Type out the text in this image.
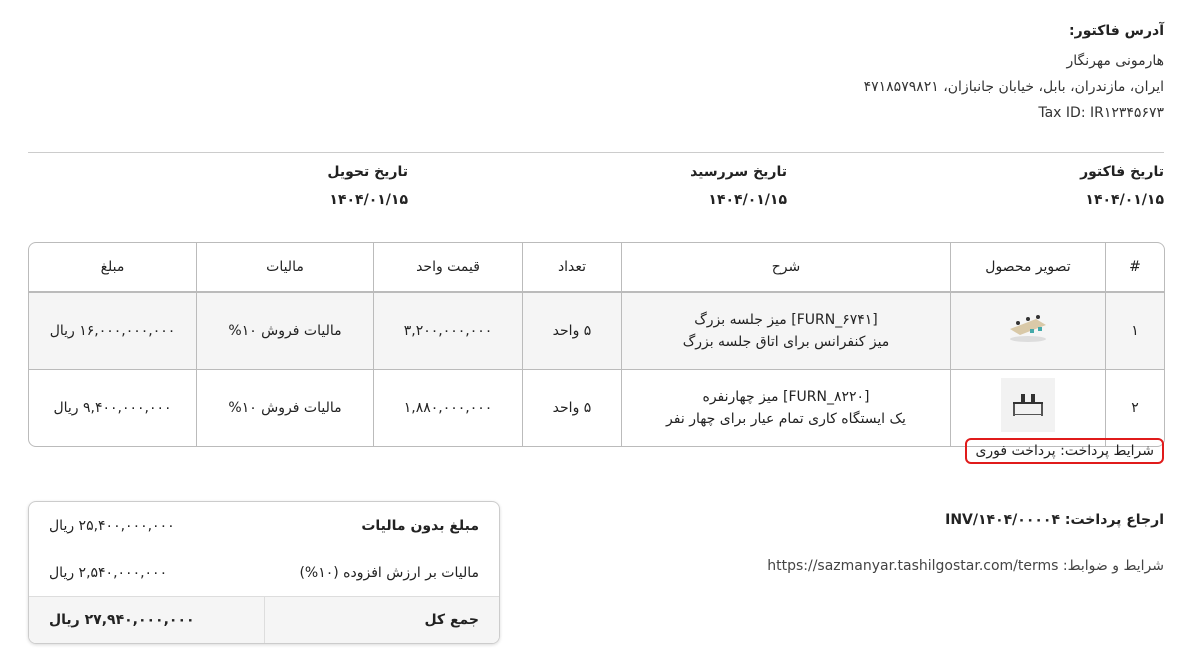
آدرس فاکتور:
هارمونی مهرنگار
ایران، مازندران، بابل، خیابان جانبازان، ۴۷۱۸۵۷۹۸۲۱
Tax ID: IR۱۲۳۴۵۶۷۳
تاریخ فاکتور
۱۴۰۴/۰۱/۱۵
تاریخ سررسید
۱۴۰۴/۰۱/۱۵
تاریخ تحویل
۱۴۰۴/۰۱/۱۵
#	تصویر محصول	شرح	تعداد	قیمت واحد	مالیات	مبلغ
۱		[FURN_۶۷۴۱] میز جلسه بزرگ
میز کنفرانس برای اتاق جلسه بزرگ	۵ واحد	۳,۲۰۰,۰۰۰,۰۰۰	مالیات فروش ۱۰%	۱۶,۰۰۰,۰۰۰,۰۰۰ ریال
۲		[FURN_۸۲۲۰] میز چهارنفره
یک ایستگاه کاری تمام عیار برای چهار نفر	۵ واحد	۱,۸۸۰,۰۰۰,۰۰۰	مالیات فروش ۱۰%	۹,۴۰۰,۰۰۰,۰۰۰ ریال
شرایط پرداخت: پرداخت فوری
مبلغ بدون مالیات
۲۵,۴۰۰,۰۰۰,۰۰۰ ریال
مالیات بر ارزش افزوده (۱۰%)
۲,۵۴۰,۰۰۰,۰۰۰ ریال
جمع کل
۲۷,۹۴۰,۰۰۰,۰۰۰ ریال
ارجاع پرداخت: INV/۱۴۰۴/۰۰۰۰۴
شرایط و ضوابط: https://sazmanyar.tashilgostar.com/terms
